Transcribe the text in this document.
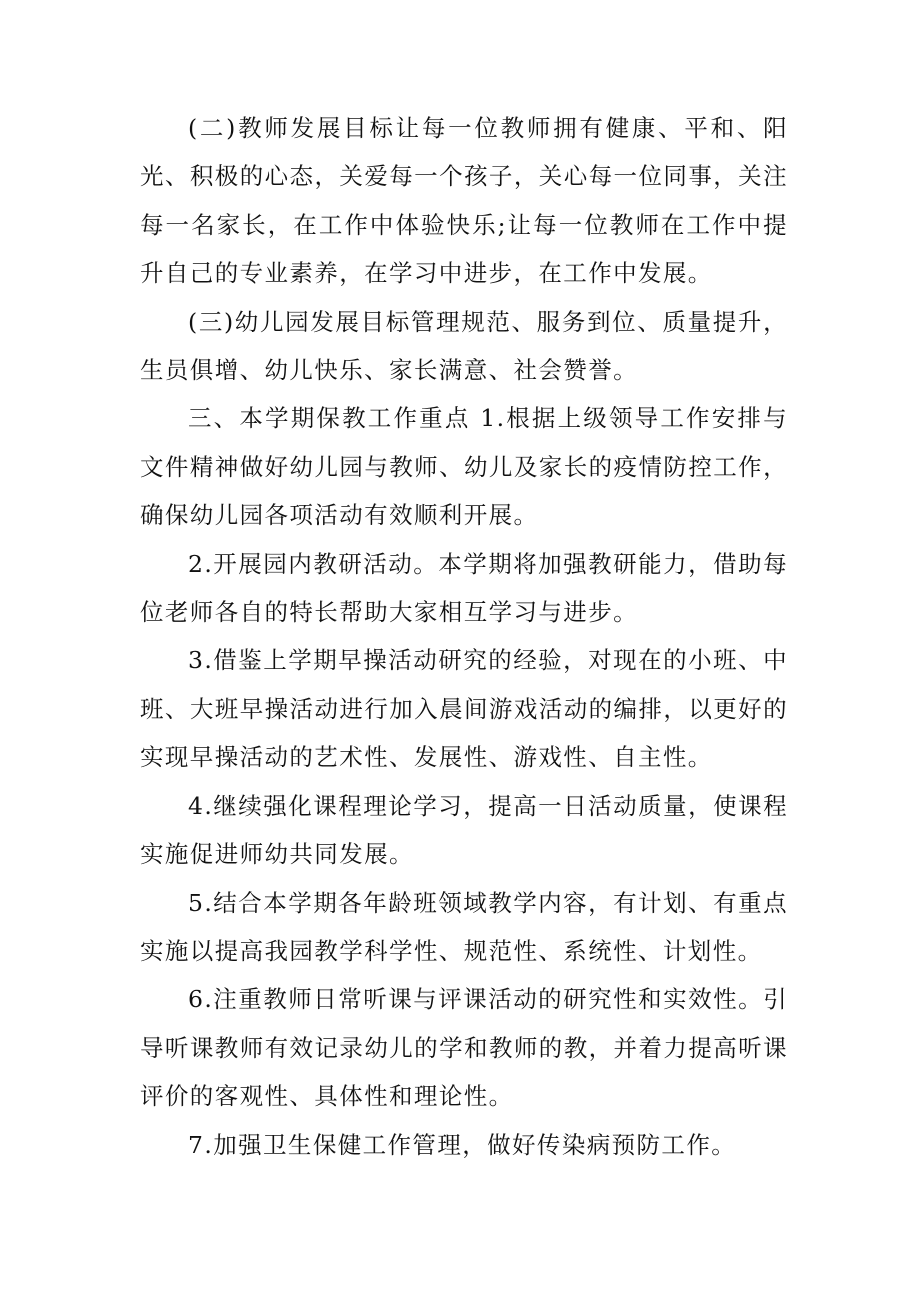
(二)教师发展目标让每一位教师拥有健康、平和、阳光、积极的心态，关爱每一个孩子，关心每一位同事，关注每一名家长，在工作中体验快乐;让每一位教师在工作中提升自己的专业素养，在学习中进步，在工作中发展。

(三)幼儿园发展目标管理规范、服务到位、质量提升，生员俱增、幼儿快乐、家长满意、社会赞誉。

三、本学期保教工作重点 1.根据上级领导工作安排与文件精神做好幼儿园与教师、幼儿及家长的疫情防控工作，确保幼儿园各项活动有效顺利开展。

2.开展园内教研活动。本学期将加强教研能力，借助每位老师各自的特长帮助大家相互学习与进步。

3.借鉴上学期早操活动研究的经验，对现在的小班、中班、大班早操活动进行加入晨间游戏活动的编排，以更好的实现早操活动的艺术性、发展性、游戏性、自主性。

4.继续强化课程理论学习，提高一日活动质量，使课程实施促进师幼共同发展。

5.结合本学期各年龄班领域教学内容，有计划、有重点实施以提高我园教学科学性、规范性、系统性、计划性。

6.注重教师日常听课与评课活动的研究性和实效性。引导听课教师有效记录幼儿的学和教师的教，并着力提高听课评价的客观性、具体性和理论性。

7.加强卫生保健工作管理，做好传染病预防工作。
